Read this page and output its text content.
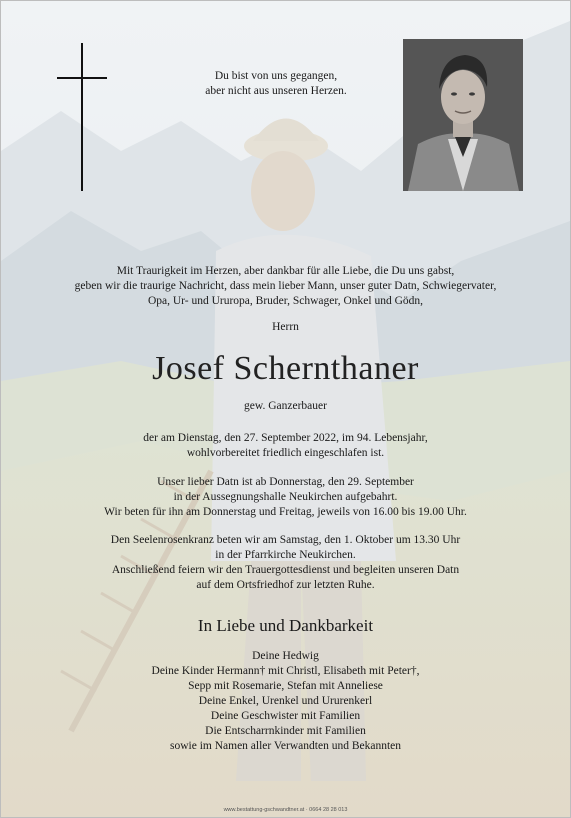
Du bist von uns gegangen,
aber nicht aus unseren Herzen.
Mit Traurigkeit im Herzen, aber dankbar für alle Liebe, die Du uns gabst,
geben wir die traurige Nachricht, dass mein lieber Mann, unser guter Datn, Schwiegervater,
Opa, Ur- und Ururopa, Bruder, Schwager, Onkel und Gödn,
Herrn
Josef Schernthaner
gew. Ganzerbauer
der am Dienstag, den 27. September 2022, im 94. Lebensjahr,
wohlvorbereitet friedlich eingeschlafen ist.
Unser lieber Datn ist ab Donnerstag, den 29. September
in der Aussegnungshalle Neukirchen aufgebahrt.
Wir beten für ihn am Donnerstag und Freitag, jeweils von 16.00 bis 19.00 Uhr.
Den Seelenrosenkranz beten wir am Samstag, den 1. Oktober um 13.30 Uhr
in der Pfarrkirche Neukirchen.
Anschließend feiern wir den Trauergottesdienst und begleiten unseren Datn
auf dem Ortsfriedhof zur letzten Ruhe.
In Liebe und Dankbarkeit
Deine Hedwig
Deine Kinder Hermann† mit Christl, Elisabeth mit Peter†,
Sepp mit Rosemarie, Stefan mit Anneliese
Deine Enkel, Urenkel und Ururenkerl
Deine Geschwister mit Familien
Die Entscharrnkinder mit Familien
sowie im Namen aller Verwandten und Bekannten
www.bestattung-gschwandtner.at · 0664 28 28 013
